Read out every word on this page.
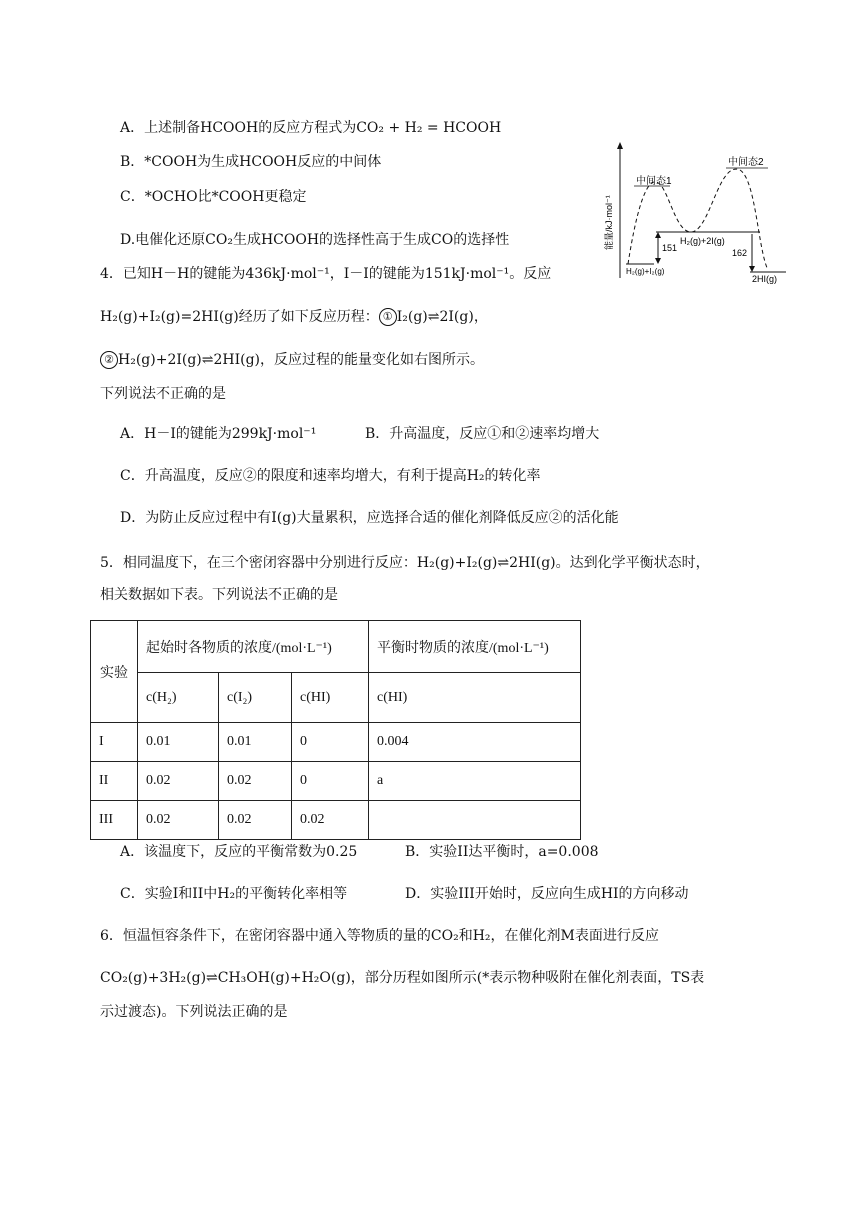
A．上述制备HCOOH的反应方程式为CO₂ + H₂ = HCOOH
B．*COOH为生成HCOOH反应的中间体
C．*OCHO比*COOH更稳定
D.电催化还原CO₂生成HCOOH的选择性高于生成CO的选择性	能量/kJ·mol⁻¹
中间态1
中间态2
H₂(g)+2I(g)
151	162
H₂(g)+I₂(g)
2HI(g)
4．已知H－H的键能为436kJ·mol⁻¹，I－I的键能为151kJ·mol⁻¹。反应
H₂(g)+I₂(g)=2HI(g)经历了如下反应历程： ① I₂(g)⇌2I(g)，
② H₂(g)+2I(g)⇌2HI(g)，反应过程的能量变化如右图所示。
下列说法不正确的是
A．H－I的键能为299kJ·mol⁻¹	B．升高温度，反应①和②速率均增大
C．升高温度，反应②的限度和速率均增大，有利于提高H₂的转化率
D．为防止反应过程中有I(g)大量累积，应选择合适的催化剂降低反应②的活化能
5．相同温度下，在三个密闭容器中分别进行反应：H₂(g)+I₂(g)⇌2HI(g)。达到化学平衡状态时，
相关数据如下表。下列说法不正确的是
实验	起始时各物质的浓度/(mol·L⁻¹)			平衡时物质的浓度/(mol·L⁻¹)
	c(H₂)	c(I₂)	c(HI)	c(HI)

I	0.01	0.01	0	0.004
II	0.02	0.02	0	a
III	0.02	0.02	0.02	
A．该温度下，反应的平衡常数为0.25	B．实验II达平衡时，a=0.008
C．实验I和II中H₂的平衡转化率相等	D．实验III开始时，反应向生成HI的方向移动
6．恒温恒容条件下，在密闭容器中通入等物质的量的CO₂和H₂，在催化剂M表面进行反应
CO₂(g)+3H₂(g)⇌CH₃OH(g)+H₂O(g)，部分历程如图所示(*表示物种吸附在催化剂表面，TS表
示过渡态)。下列说法正确的是
